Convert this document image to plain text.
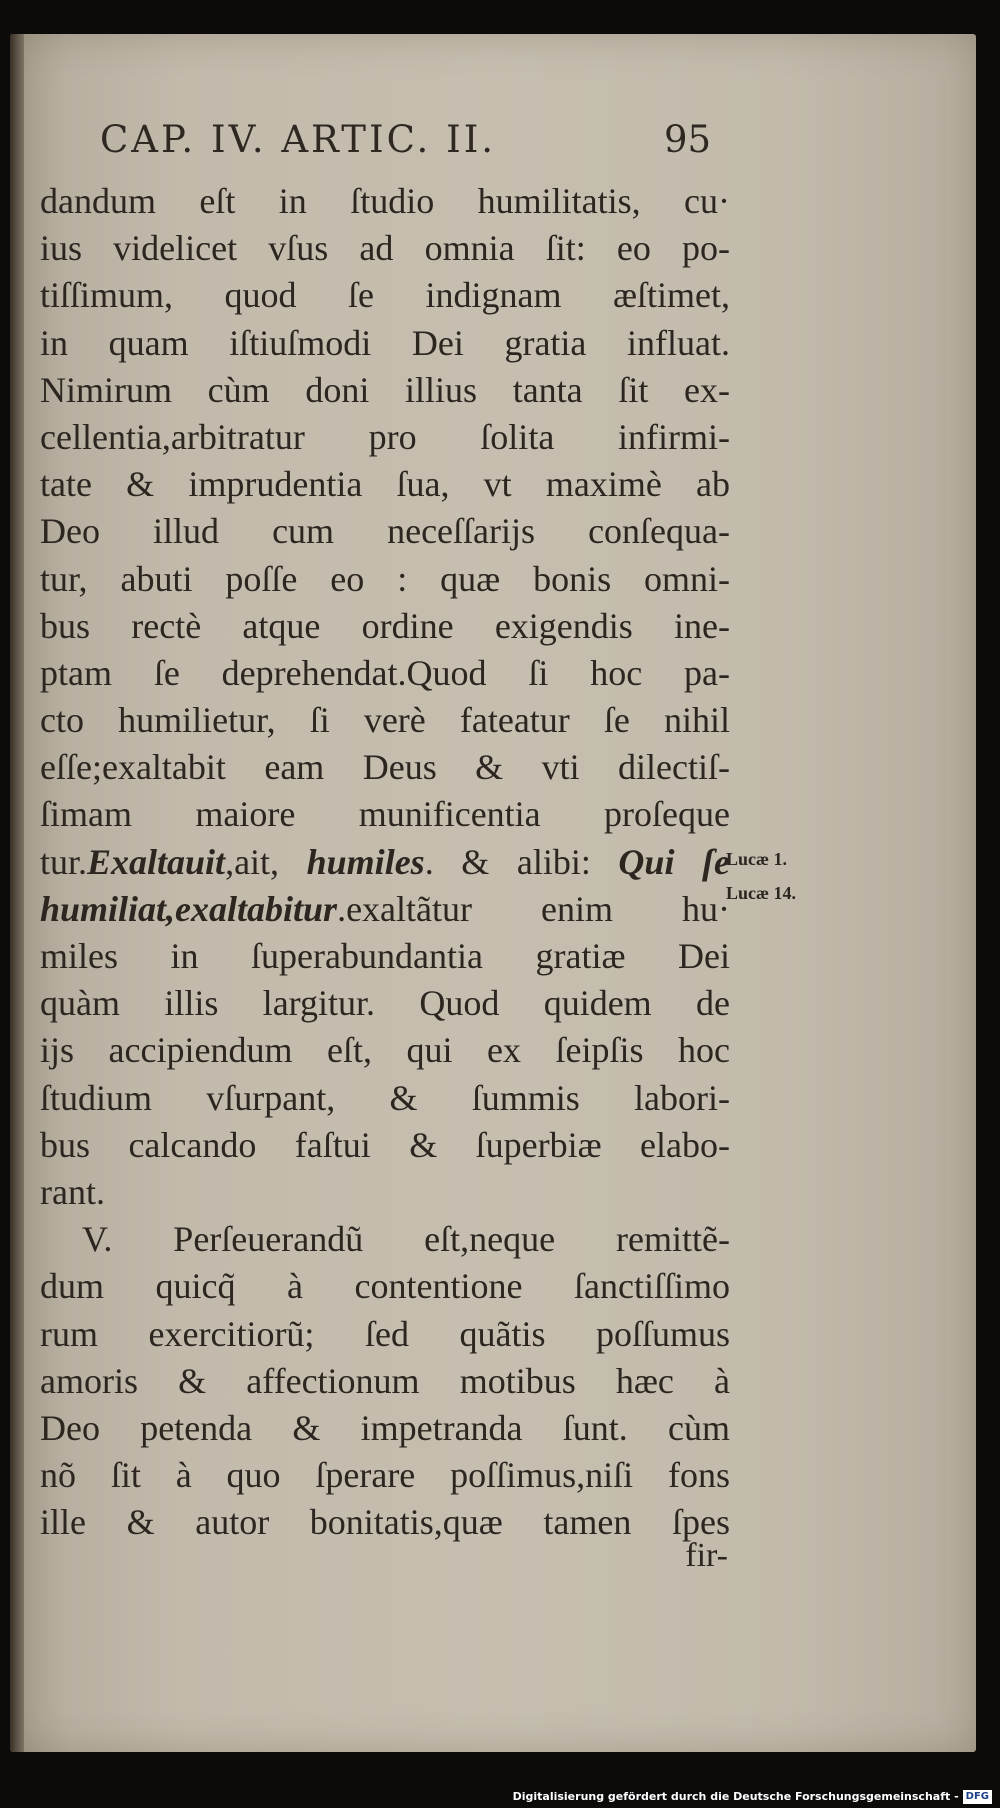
CAP. IV. ARTIC. II.	95
dandum eſt in ſtudio humilitatis, cu·
ius videlicet vſus ad omnia ſit: eo po-
tiſſimum, quod ſe indignam æſtimet,
in quam iſtiuſmodi Dei gratia influat.
Nimirum cùm doni illius tanta ſit ex-
cellentia,arbitratur pro ſolita infirmi-
tate & imprudentia ſua, vt maximè ab
Deo illud cum neceſſarijs conſequa-
tur, abuti poſſe eo : quæ bonis omni-
bus rectè atque ordine exigendis ine-
ptam ſe deprehendat.Quod ſi hoc pa-
cto humilietur, ſi verè fateatur ſe nihil
eſſe;exaltabit eam Deus & vti dilectiſ-
ſimam maiore munificentia proſeque
tur.Exaltauit,ait, humiles. & alibi: Qui ſe
humiliat,exaltabitur.exaltãtur enim hu·
miles in ſuperabundantia gratiæ Dei
quàm illis largitur. Quod quidem de
ijs accipiendum eſt, qui ex ſeipſis hoc
ſtudium vſurpant, & ſummis labori-
bus calcando faſtui & ſuperbiæ elabo-
rant.
V. Perſeuerandũ eſt,neque remittẽ-
dum quicq̃ à contentione ſanctiſſimo
rum exercitiorũ; ſed quãtis poſſumus
amoris & affectionum motibus hæc à
Deo petenda & impetranda ſunt. cùm
nõ ſit à quo ſperare poſſimus,niſi fons
ille & autor bonitatis,quæ tamen ſpes
fir-
Lucæ 1.
Lucæ 14.
Digitalisierung gefördert durch die Deutsche Forschungsgemeinschaft - DFG
